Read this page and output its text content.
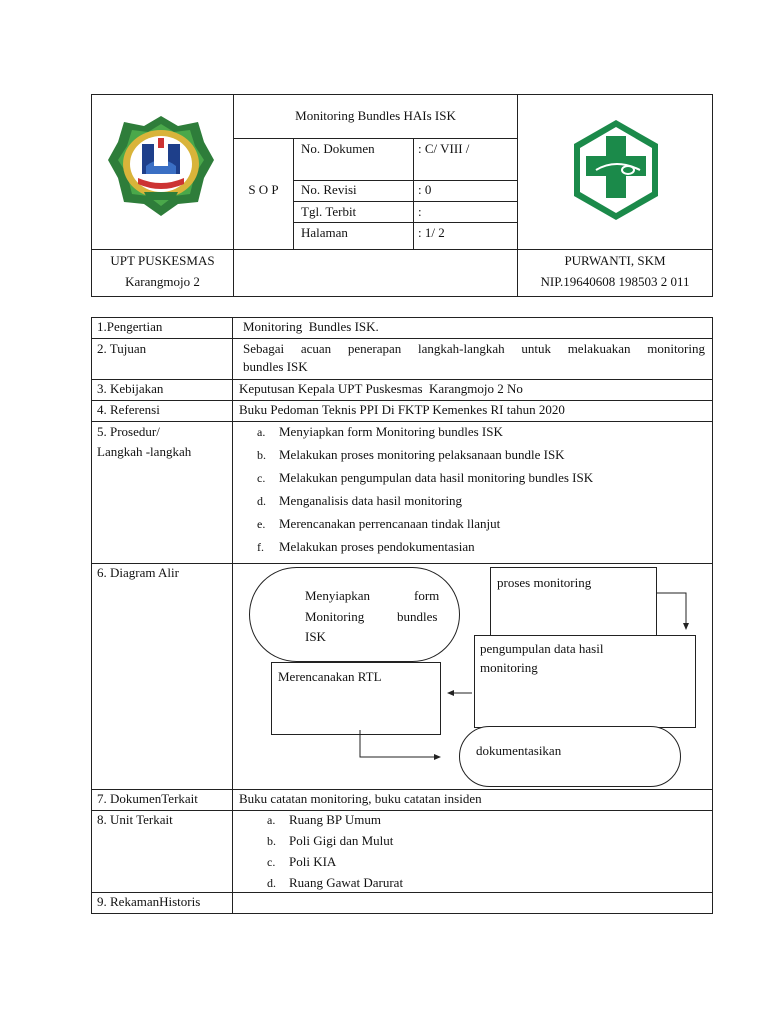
Monitoring Bundles HAIs ISK
S O P
No. Dokumen	: C/ VIII /
No. Revisi	: 0
Tgl. Terbit	:
Halaman	: 1/ 2
UPT PUSKESMAS
Karangmojo 2
PURWANTI, SKM
NIP.19640608 198503 2 011
1.Pengertian	Monitoring  Bundles ISK.
2. Tujuan	Sebagai acuan penerapan langkah-langkah untuk melakuakan monitoring
bundles ISK
3. Kebijakan	Keputusan Kepala UPT Puskesmas  Karangmojo 2 No
4. Referensi	Buku Pedoman Teknis PPI Di FKTP Kemenkes RI tahun 2020
5. Prosedur/
Langkah -langkah
a. Menyiapkan form Monitoring bundles ISK
b. Melakukan proses monitoring pelaksanaan bundle ISK
c. Melakukan pengumpulan data hasil monitoring bundles ISK
d. Menganalisis data hasil monitoring
e. Merencanakan perrencanaan tindak llanjut
f. Melakukan proses pendokumentasian
6. Diagram Alir
Menyiapkan	form
Monitoring	bundles
ISK
proses monitoring
pengumpulan data hasil
monitoring
Merencanakan RTL
dokumentasikan
7. DokumenTerkait	Buku catatan monitoring, buku catatan insiden
8. Unit Terkait	a. Ruang BP Umum
b. Poli Gigi dan Mulut
c. Poli KIA
d. Ruang Gawat Darurat
9. RekamanHistoris
